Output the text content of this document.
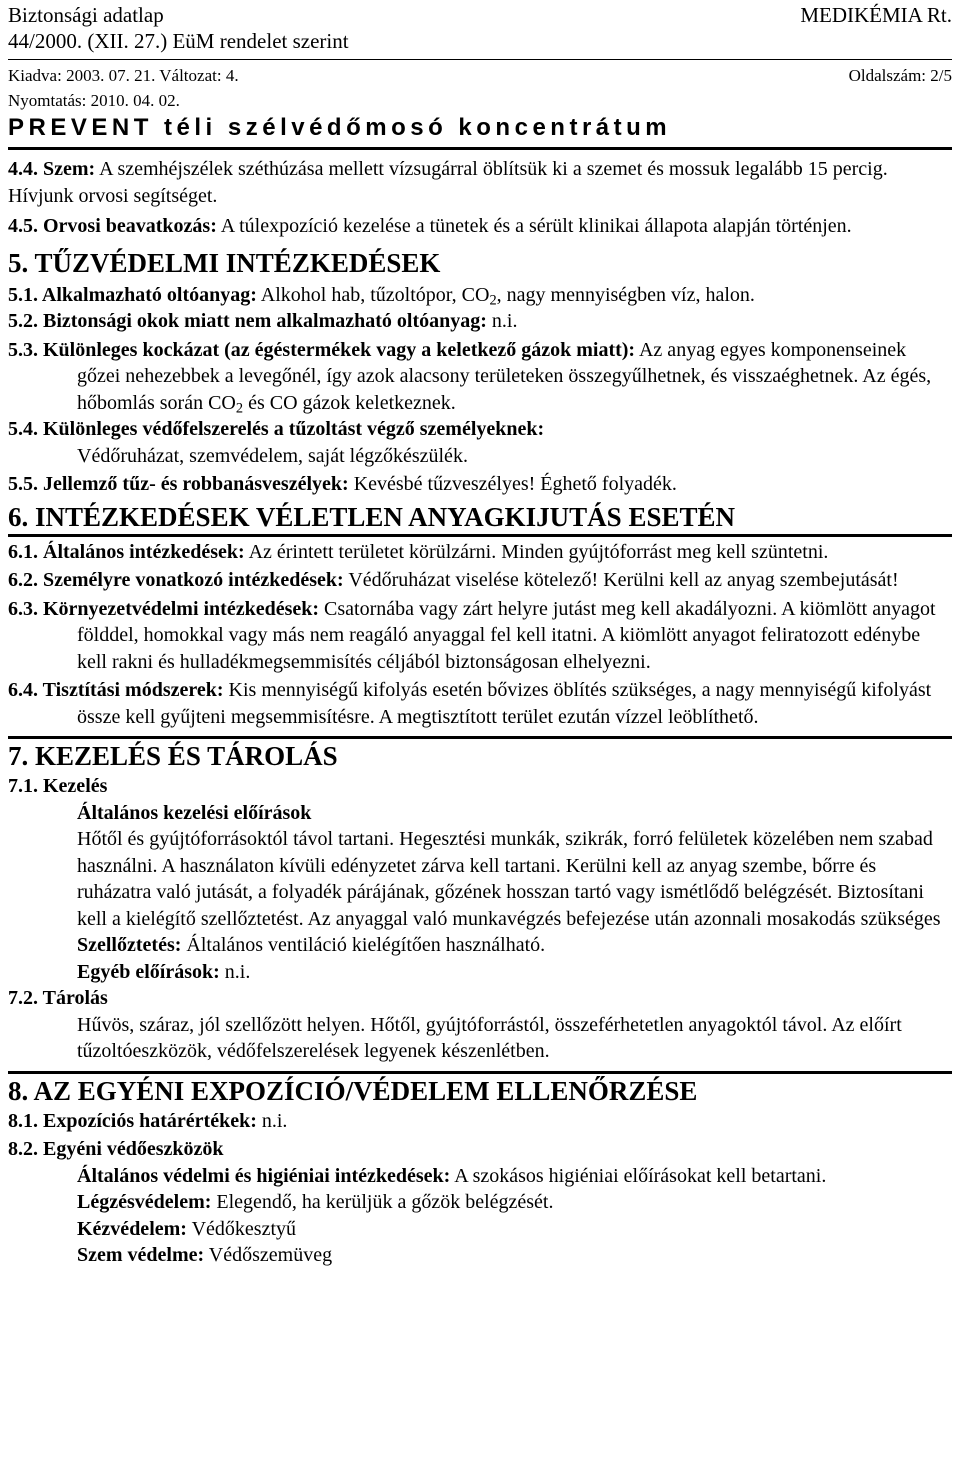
Biztonsági adatlap	MEDIKÉMIA Rt.
44/2000. (XII. 27.) EüM rendelet szerint
Kiadva: 2003. 07. 21. Változat: 4.	Oldalszám: 2/5
Nyomtatás: 2010. 04. 02.
PREVENT téli szélvédőmosó koncentrátum
4.4. Szem: A szemhéjszélek széthúzása mellett vízsugárral öblítsük ki a szemet és mossuk legalább 15 percig. Hívjunk orvosi segítséget.
4.5. Orvosi beavatkozás: A túlexpozíció kezelése a tünetek és a sérült klinikai állapota alapján történjen.
5. TŰZVÉDELMI INTÉZKEDÉSEK
5.1. Alkalmazható oltóanyag: Alkohol hab, tűzoltópor, $CO_2$, nagy mennyiségben víz, halon.
5.2. Biztonsági okok miatt nem alkalmazható oltóanyag: n.i.
5.3. Különleges kockázat (az égéstermékek vagy a keletkező gázok miatt): Az anyag egyes komponenseinek gőzei nehezebbek a levegőnél, így azok alacsony területeken összegyűlhetnek, és visszaéghetnek. Az égés, hőbomlás során $CO_2$ és CO gázok keletkeznek.
5.4. Különleges védőfelszerelés a tűzoltást végző személyeknek:
Védőruházat, szemvédelem, saját légzőkészülék.
5.5. Jellemző tűz- és robbanásveszélyek: Kevésbé tűzveszélyes! Éghető folyadék.
6. INTÉZKEDÉSEK VÉLETLEN ANYAGKIJUTÁS ESETÉN
6.1. Általános intézkedések: Az érintett területet körülzárni. Minden gyújtóforrást meg kell szüntetni.
6.2. Személyre vonatkozó intézkedések: Védőruházat viselése kötelező! Kerülni kell az anyag szembejutását!
6.3. Környezetvédelmi intézkedések: Csatornába vagy zárt helyre jutást meg kell akadályozni. A kiömlött anyagot földdel, homokkal vagy más nem reagáló anyaggal fel kell itatni. A kiömlött anyagot feliratozott edénybe kell rakni és hulladékmegsemmisítés céljából biztonságosan elhelyezni.
6.4. Tisztítási módszerek: Kis mennyiségű kifolyás esetén bővizes öblítés szükséges, a nagy mennyiségű kifolyást össze kell gyűjteni megsemmisítésre. A megtisztított terület ezután vízzel leöblíthető.
7. KEZELÉS ÉS TÁROLÁS
7.1. Kezelés
Általános kezelési előírások
Hőtől és gyújtóforrásoktól távol tartani. Hegesztési munkák, szikrák, forró felületek közelében nem szabad használni. A használaton kívüli edényzetet zárva kell tartani. Kerülni kell az anyag szembe, bőrre és ruházatra való jutását, a folyadék párájának, gőzének hosszan tartó vagy ismétlődő belégzését. Biztosítani kell a kielégítő szellőztetést. Az anyaggal való munkavégzés befejezése után azonnali mosakodás szükséges
Szellőztetés: Általános ventiláció kielégítően használható.
Egyéb előírások: n.i.
7.2. Tárolás
Hűvös, száraz, jól szellőzött helyen. Hőtől, gyújtóforrástól, összeférhetetlen anyagoktól távol. Az előírt tűzoltóeszközök, védőfelszerelések legyenek készenlétben.
8. AZ EGYÉNI EXPOZÍCIÓ/VÉDELEM ELLENŐRZÉSE
8.1. Expozíciós határértékek: n.i.
8.2. Egyéni védőeszközök
Általános védelmi és higiéniai intézkedések: A szokásos higiéniai előírásokat kell betartani.
Légzésvédelem: Elegendő, ha kerüljük a gőzök belégzését.
Kézvédelem: Védőkesztyű
Szem védelme: Védőszemüveg
